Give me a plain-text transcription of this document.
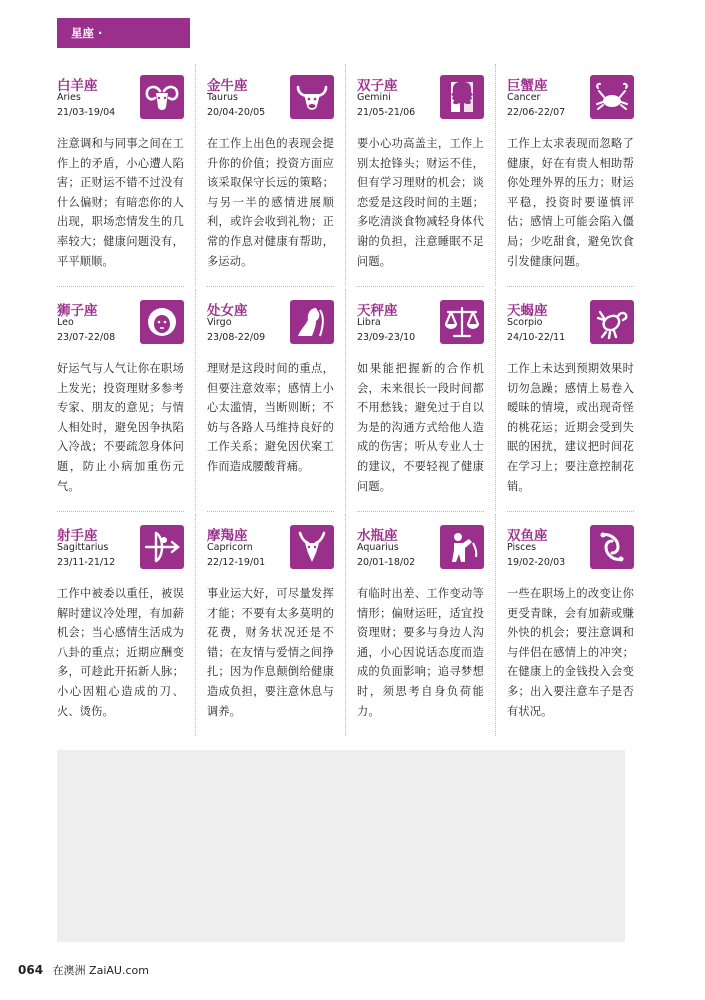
星座 · HOROSCOPES
白羊座
Aries
21/03-19/04
注意调和与同事之间在工作上的矛盾，小心遭人陷害；正财运不错不过没有什么偏财；有暗恋你的人出现，职场恋情发生的几率较大；健康问题没有，平平顺顺。
金牛座
Taurus
20/04-20/05
在工作上出色的表现会提升你的价值；投资方面应该采取保守长远的策略；与另一半的感情进展顺利，或许会收到礼物；正常的作息对健康有帮助，多运动。
双子座
Gemini
21/05-21/06
要小心功高盖主，工作上别太抢锋头；财运不佳，但有学习理财的机会；谈恋爱是这段时间的主题；多吃清淡食物减轻身体代谢的负担，注意睡眠不足问题。
巨蟹座
Cancer
22/06-22/07
工作上太求表现而忽略了健康，好在有贵人相助帮你处理外界的压力；财运平稳，投资时要谨慎评估；感情上可能会陷入僵局；少吃甜食，避免饮食引发健康问题。
狮子座
Leo
23/07-22/08
好运气与人气让你在职场上发光；投资理财多参考专家、朋友的意见；与情人相处时，避免因争执陷入冷战；不要疏忽身体问题，防止小病加重伤元气。
处女座
Virgo
23/08-22/09
理财是这段时间的重点，但要注意效率；感情上小心太滥情，当断则断；不妨与各路人马维持良好的工作关系；避免因伏案工作而造成腰酸背痛。
天秤座
Libra
23/09-23/10
如果能把握新的合作机会，未来很长一段时间都不用愁钱；避免过于自以为是的沟通方式给他人造成的伤害；听从专业人士的建议，不要轻视了健康问题。
天蝎座
Scorpio
24/10-22/11
工作上未达到预期效果时切勿急躁；感情上易卷入暧昧的情境，或出现奇怪的桃花运；近期会受到失眠的困扰，建议把时间花在学习上；要注意控制花销。
射手座
Sagittarius
23/11-21/12
工作中被委以重任，被误解时建议冷处理，有加薪机会；当心感情生活成为八卦的重点；近期应酬变多，可趁此开拓新人脉；小心因粗心造成的刀、火、烫伤。
摩羯座
Capricorn
22/12-19/01
事业运大好，可尽量发挥才能；不要有太多莫明的花费，财务状况还是不错；在友情与爱情之间挣扎；因为作息颠倒给健康造成负担，要注意休息与调养。
水瓶座
Aquarius
20/01-18/02
有临时出差、工作变动等情形；偏财运旺，适宜投资理财；要多与身边人沟通，小心因说话态度而造成的负面影响；追寻梦想时，须思考自身负荷能力。
双鱼座
Pisces
19/02-20/03
一些在职场上的改变让你更受青睐，会有加薪或赚外快的机会；要注意调和与伴侣在感情上的冲突；在健康上的金钱投入会变多；出入要注意车子是否有状况。
064 在澳洲 ZaiAU.com
